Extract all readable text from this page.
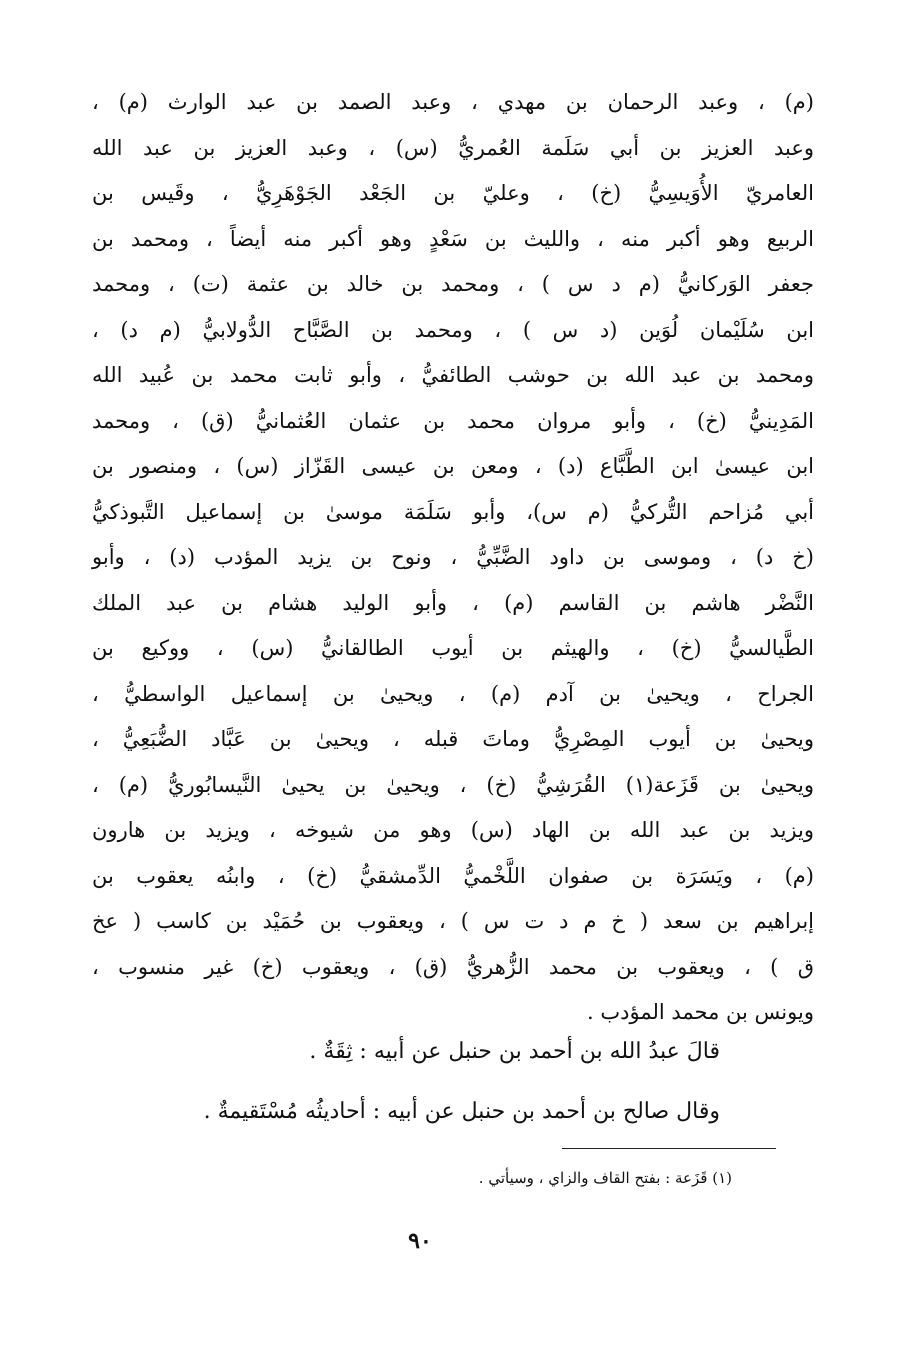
(م) ، وعبد الرحمان بن مهدي ، وعبد الصمد بن عبد الوارث (م) ،
وعبد العزيز بن أبي سَلَمة العُمريُّ (س) ، وعبد العزيز بن عبد الله
العامريّ الأُوَيسِيُّ (خ) ، وعليّ بن الجَعْد الجَوْهَرِيُّ ، وقَيس بن
الربيع وهو أكبر منه ، والليث بن سَعْدٍ وهو أكبر منه أيضاً ، ومحمد بن
جعفر الوَركانيُّ (م د س ) ، ومحمد بن خالد بن عثمة (ت) ، ومحمد
ابن سُلَيْمان لُوَين (د س ) ، ومحمد بن الصَّبَّاح الدُّولابيُّ (م د) ،
ومحمد بن عبد الله بن حوشب الطائفيُّ ، وأبو ثابت محمد بن عُبيد الله
المَدِينيُّ (خ) ، وأبو مروان محمد بن عثمان العُثمانيُّ (ق) ، ومحمد
ابن عيسىٰ ابن الطَّبَّاع (د) ، ومعن بن عيسى القَزّاز (س) ، ومنصور بن
أبي مُزاحم التُّركيُّ (م س)، وأبو سَلَمَة موسىٰ بن إسماعيل التَّبوذكيُّ
(خ د) ، وموسى بن داود الضَّبِّيُّ ، ونوح بن يزيد المؤدب (د) ، وأبو
النَّضْر هاشم بن القاسم (م) ، وأبو الوليد هشام بن عبد الملك
الطَّيالسيُّ (خ) ، والهيثم بن أيوب الطالقانيُّ (س) ، ووكيع بن
الجراح ، ويحيىٰ بن آدم (م) ، ويحيىٰ بن إسماعيل الواسطيُّ ،
ويحيىٰ بن أيوب المِصْرِيُّ وماتَ قبله ، ويحيىٰ بن عَبَّاد الضُّبَعِيُّ ،
ويحيىٰ بن قَزَعة(١) القُرَشِيُّ (خ) ، ويحيىٰ بن يحيىٰ النَّيسابُوريُّ (م) ،
ويزيد بن عبد الله بن الهاد (س) وهو من شيوخه ، ويزيد بن هارون
(م) ، ويَسَرَة بن صفوان اللَّخْميُّ الدِّمشقيُّ (خ) ، وابنُه يعقوب بن
إبراهيم بن سعد ( خ م د ت س ) ، ويعقوب بن حُمَيْد بن كاسب ( عخ
ق ) ، ويعقوب بن محمد الزُّهريُّ (ق) ، ويعقوب (خ) غير منسوب ،
ويونس بن محمد المؤدب .
قالَ عبدُ الله بن أحمد بن حنبل عن أبيه : ثِقَةٌ .
وقال صالح بن أحمد بن حنبل عن أبيه : أحاديثُه مُسْتَقيمةٌ .
(١) قَزَعة : بفتح القاف والزاي ، وسيأتي .
٩٠
